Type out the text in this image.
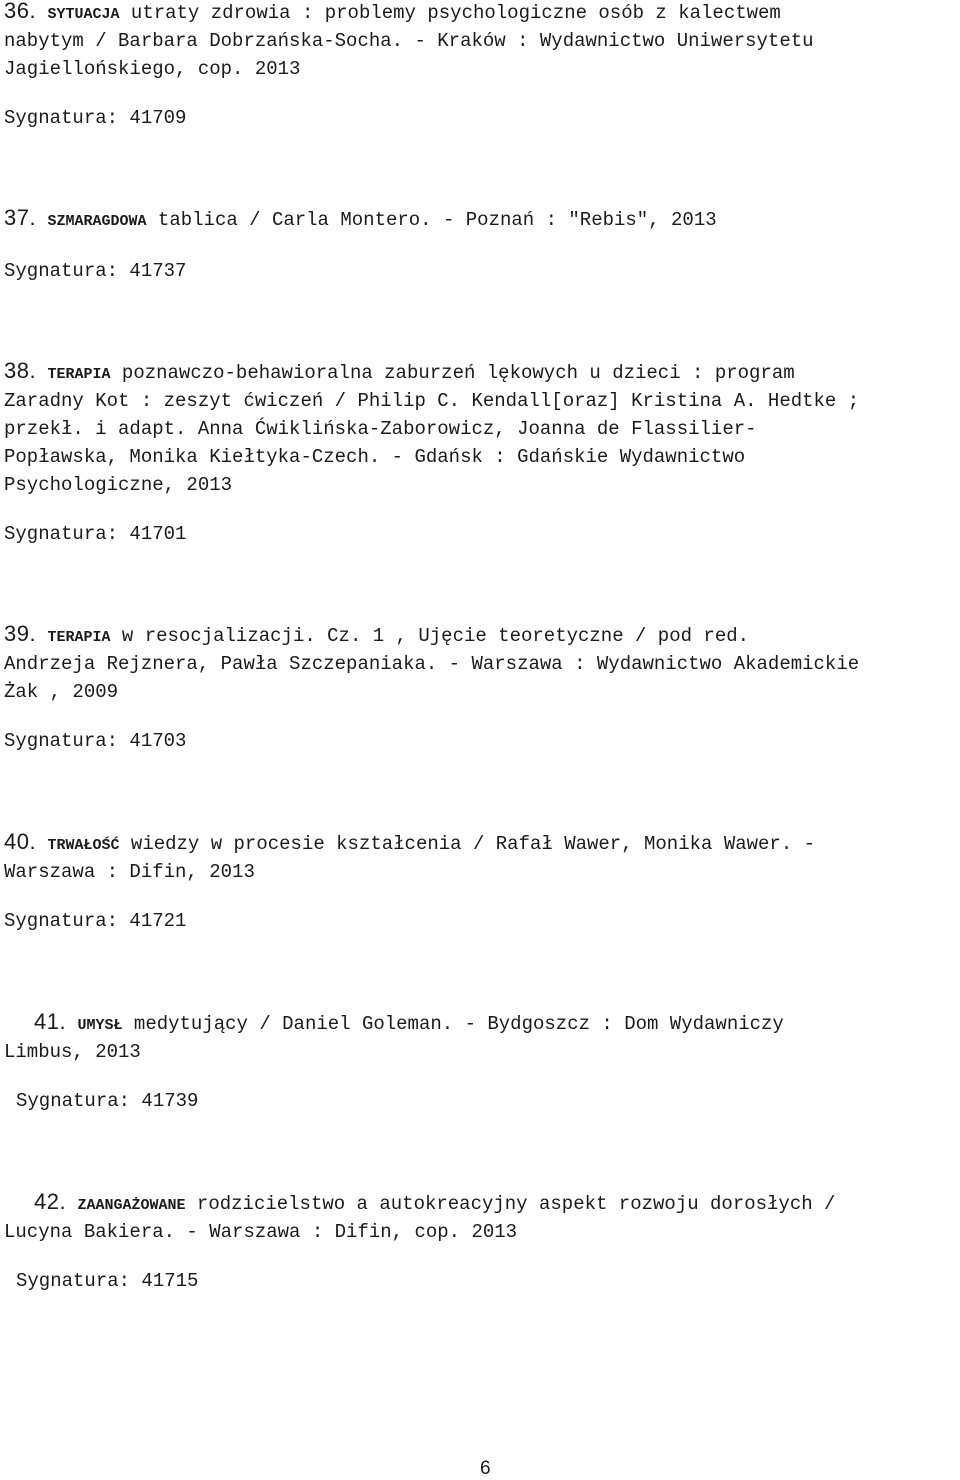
36. SYTUACJA utraty zdrowia : problemy psychologiczne osób z kalectwem
nabytym / Barbara Dobrzańska-Socha. - Kraków : Wydawnictwo Uniwersytetu
Jagiellońskiego, cop. 2013
Sygnatura: 41709
37. SZMARAGDOWA tablica / Carla Montero. - Poznań : "Rebis", 2013
Sygnatura: 41737
38. TERAPIA poznawczo-behawioralna zaburzeń lękowych u dzieci : program
Zaradny Kot : zeszyt ćwiczeń / Philip C. Kendall[oraz] Kristina A. Hedtke ;
przekł. i adapt. Anna Ćwiklińska-Zaborowicz, Joanna de Flassilier-
Popławska, Monika Kiełtyka-Czech. - Gdańsk : Gdańskie Wydawnictwo
Psychologiczne, 2013
Sygnatura: 41701
39. TERAPIA w resocjalizacji. Cz. 1 , Ujęcie teoretyczne / pod red.
Andrzeja Rejznera, Pawła Szczepaniaka. - Warszawa : Wydawnictwo Akademickie
Żak , 2009
Sygnatura: 41703
40. TRWAŁOŚĆ wiedzy w procesie kształcenia / Rafał Wawer, Monika Wawer. -
Warszawa : Difin, 2013
Sygnatura: 41721
41. UMYSŁ medytujący / Daniel Goleman. - Bydgoszcz : Dom Wydawniczy
Limbus, 2013
Sygnatura: 41739
42. ZAANGAŻOWANE rodzicielstwo a autokreacyjny aspekt rozwoju dorosłych /
Lucyna Bakiera. - Warszawa : Difin, cop. 2013
Sygnatura: 41715
6
